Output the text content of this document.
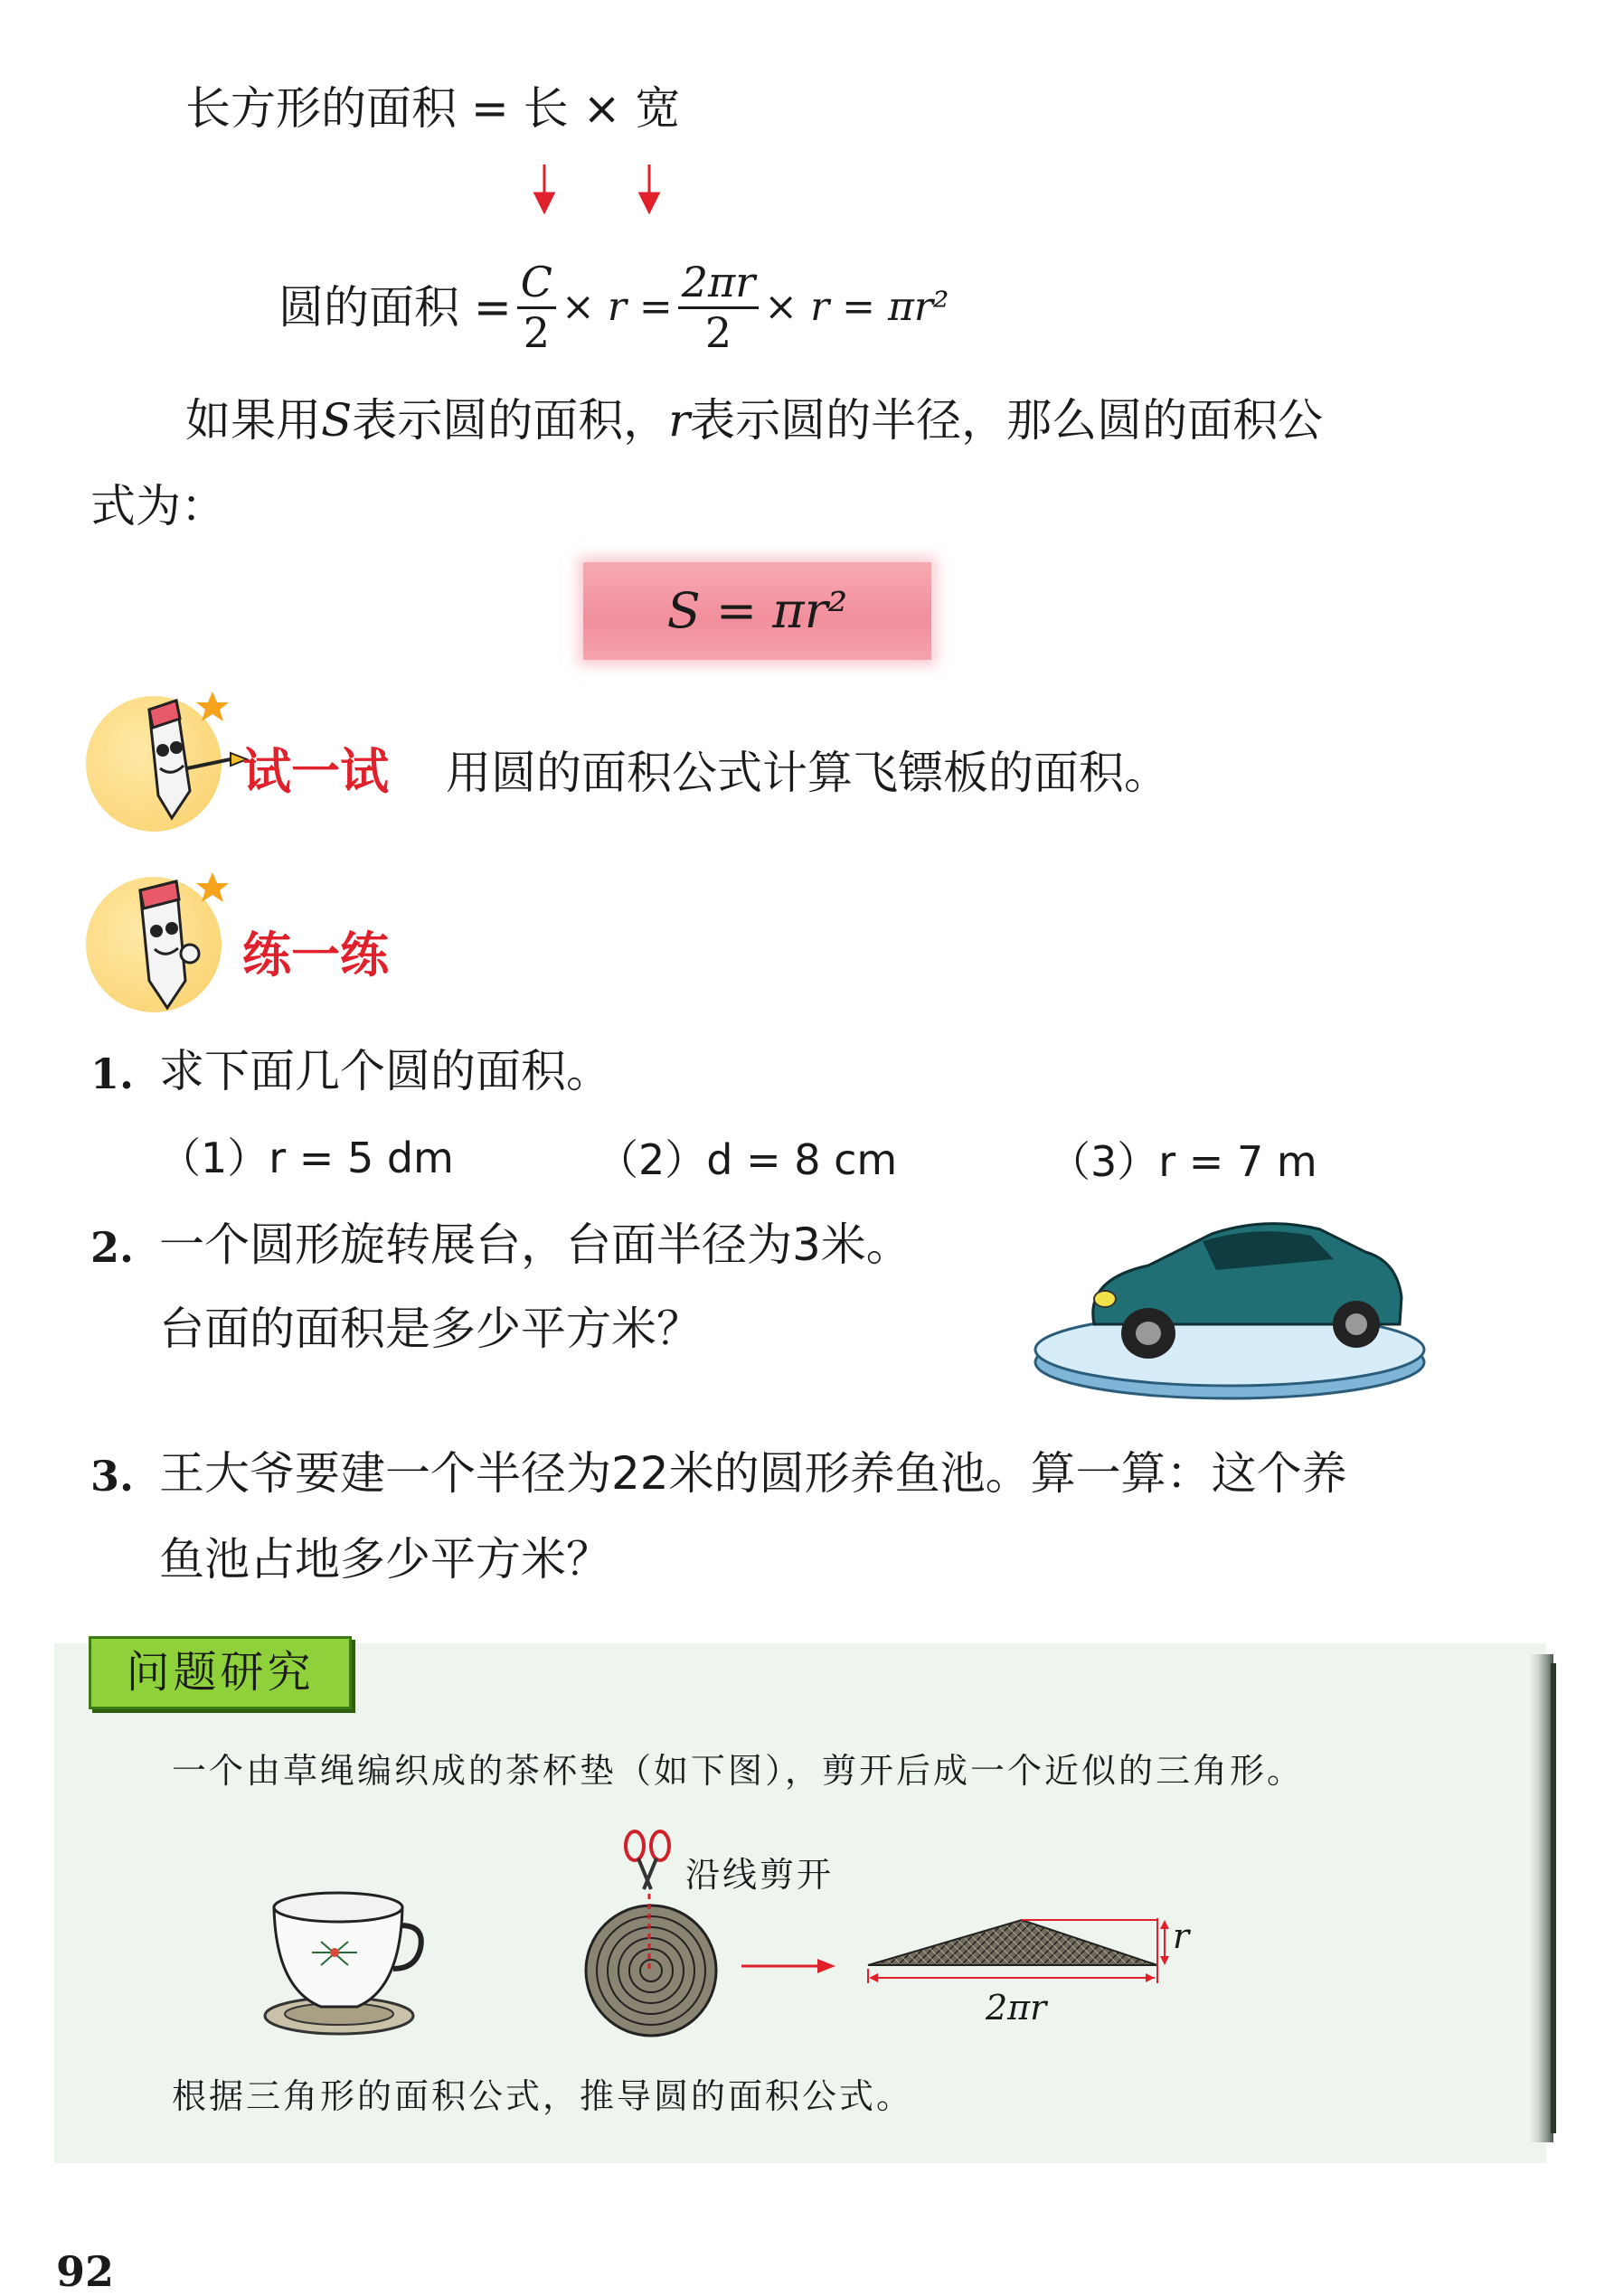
长方形的面积 = 长 × 宽
圆的面积 = $\frac{C}{2} \times r = \frac{2\pi r}{2} \times r = \pi r^2$
如果用S表示圆的面积，r表示圆的半径，那么圆的面积公
式为：
S = πr²
试一试 用圆的面积公式计算飞镖板的面积。
练一练
1. 求下面几个圆的面积。
（1）r = 5 dm	（2）d = 8 cm	（3）r = 7 m
2. 一个圆形旋转展台，台面半径为3米。
台面的面积是多少平方米？
3. 王大爷要建一个半径为22米的圆形养鱼池。算一算：这个养
鱼池占地多少平方米？
问题研究
一个由草绳编织成的茶杯垫（如下图），剪开后成一个近似的三角形。
沿线剪开
2πr
r
根据三角形的面积公式，推导圆的面积公式。
92
